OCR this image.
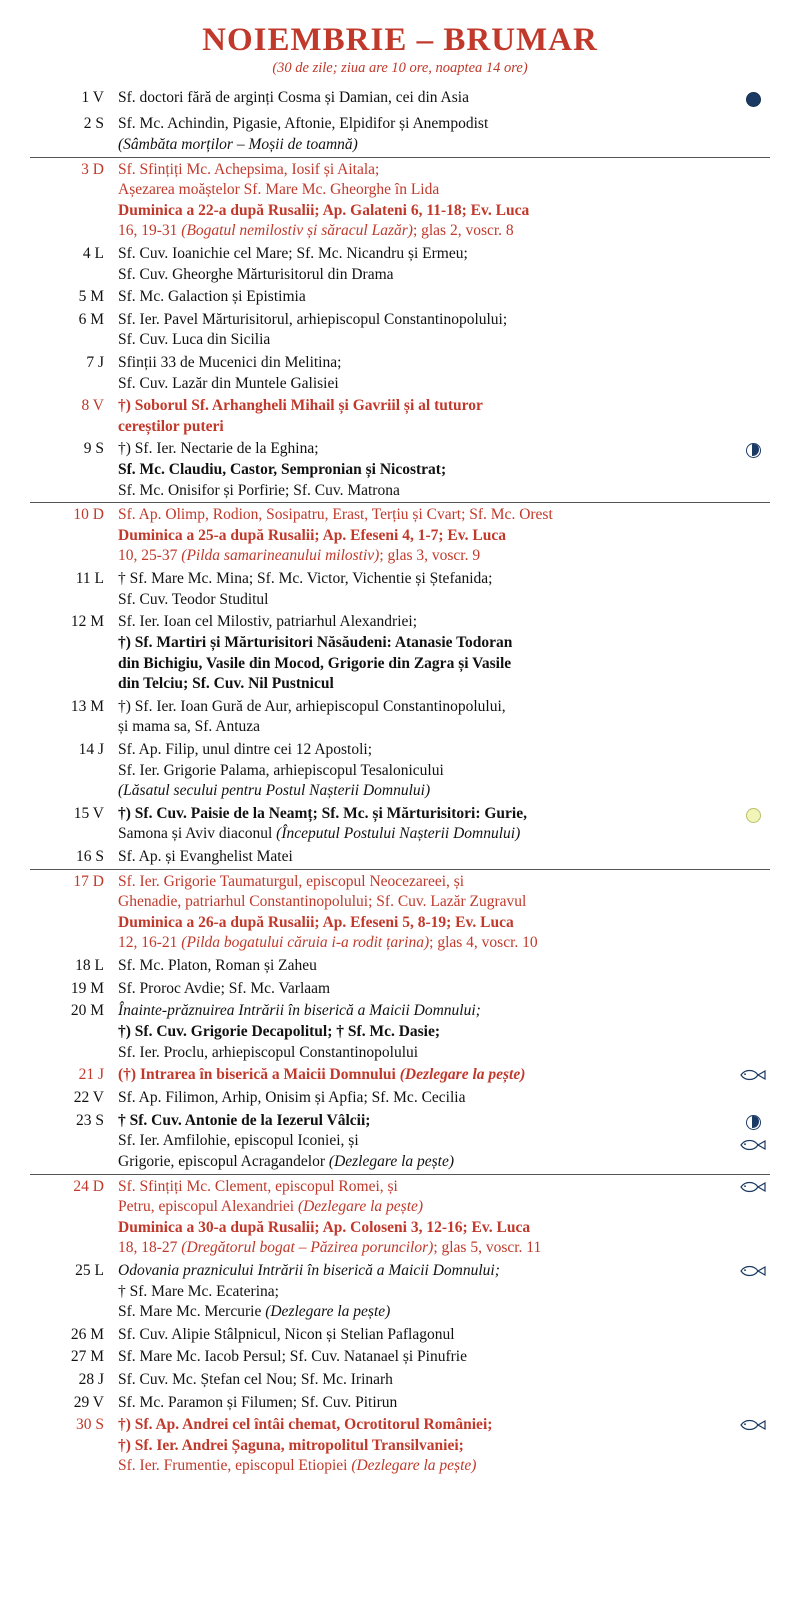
NOIEMBRIE – BRUMAR
(30 de zile; ziua are 10 ore, noaptea 14 ore)
1 V	Sf. doctori fără de arginți Cosma și Damian, cei din Asia	

2 S	Sf. Mc. Achindin, Pigasie, Aftonie, Elpidifor și Anempodist
(Sâmbăta morților – Moșii de toamnă)	

3 D	Sf. Sfințiți Mc. Achepsima, Iosif și Aitala;
Așezarea moăștelor Sf. Mare Mc. Gheorghe în Lida
Duminica a 22-a după Rusalii; Ap. Galateni 6, 11-18; Ev. Luca
16, 19-31 (Bogatul nemilostiv și săracul Lazăr); glas 2, voscr. 8	

4 L	Sf. Cuv. Ioanichie cel Mare; Sf. Mc. Nicandru și Ermeu;
Sf. Cuv. Gheorghe Mărturisitorul din Drama	

5 M	Sf. Mc. Galaction și Epistimia	

6 M	Sf. Ier. Pavel Mărturisitorul, arhiepiscopul Constantinopolului;
Sf. Cuv. Luca din Sicilia	

7 J	Sfinții 33 de Mucenici din Melitina;
Sf. Cuv. Lazăr din Muntele Galisiei	

8 V	†) Soborul Sf. Arhangheli Mihail și Gavriil și al tuturor
cereștilor puteri	

9 S	†) Sf. Ier. Nectarie de la Eghina;
Sf. Mc. Claudiu, Castor, Sempronian și Nicostrat;
Sf. Mc. Onisifor și Porfirie; Sf. Cuv. Matrona	

10 D	Sf. Ap. Olimp, Rodion, Sosipatru, Erast, Terțiu și Cvart; Sf. Mc. Orest
Duminica a 25-a după Rusalii; Ap. Efeseni 4, 1-7; Ev. Luca
10, 25-37 (Pilda samarineanului milostiv); glas 3, voscr. 9	

11 L	† Sf. Mare Mc. Mina; Sf. Mc. Victor, Vichentie și Ștefanida;
Sf. Cuv. Teodor Studitul	

12 M	Sf. Ier. Ioan cel Milostiv, patriarhul Alexandriei;
†) Sf. Martiri și Mărturisitori Năsăudeni: Atanasie Todoran
din Bichigiu, Vasile din Mocod, Grigorie din Zagra și Vasile
din Telciu; Sf. Cuv. Nil Pustnicul	

13 M	†) Sf. Ier. Ioan Gură de Aur, arhiepiscopul Constantinopolului,
și mama sa, Sf. Antuza	

14 J	Sf. Ap. Filip, unul dintre cei 12 Apostoli;
Sf. Ier. Grigorie Palama, arhiepiscopul Tesalonicului
(Lăsatul secului pentru Postul Nașterii Domnului)	

15 V	†) Sf. Cuv. Paisie de la Neamț; Sf. Mc. și Mărturisitori: Gurie,
Samona și Aviv diaconul (Începutul Postului Nașterii Domnului)	

16 S	Sf. Ap. și Evanghelist Matei	

17 D	Sf. Ier. Grigorie Taumaturgul, episcopul Neocezareei, și
Ghenadie, patriarhul Constantinopolului; Sf. Cuv. Lazăr Zugravul
Duminica a 26-a după Rusalii; Ap. Efeseni 5, 8-19; Ev. Luca
12, 16-21 (Pilda bogatului căruia i-a rodit țarina); glas 4, voscr. 10	

18 L	Sf. Mc. Platon, Roman și Zaheu	

19 M	Sf. Proroc Avdie; Sf. Mc. Varlaam	

20 M	Înainte-prăznuirea Intrării în biserică a Maicii Domnului;
†) Sf. Cuv. Grigorie Decapolitul; † Sf. Mc. Dasie;
Sf. Ier. Proclu, arhiepiscopul Constantinopolului	

21 J	(†) Intrarea în biserică a Maicii Domnului (Dezlegare la pește)

22 V	Sf. Ap. Filimon, Arhip, Onisim și Apfia; Sf. Mc. Cecilia	

23 S	† Sf. Cuv. Antonie de la Iezerul Vâlcii;
Sf. Ier. Amfilohie, episcopul Iconiei, și
Grigorie, episcopul Acragandelor (Dezlegare la pește)

24 D	Sf. Sfințiți Mc. Clement, episcopul Romei, și
Petru, episcopul Alexandriei (Dezlegare la pește)
Duminica a 30-a după Rusalii; Ap. Coloseni 3, 12-16; Ev. Luca
18, 18-27 (Dregătorul bogat – Păzirea poruncilor); glas 5, voscr. 11

25 L	Odovania praznicului Intrării în biserică a Maicii Domnului;
† Sf. Mare Mc. Ecaterina;
Sf. Mare Mc. Mercurie (Dezlegare la pește)

26 M	Sf. Cuv. Alipie Stâlpnicul, Nicon și Stelian Paflagonul	

27 M	Sf. Mare Mc. Iacob Persul; Sf. Cuv. Natanael și Pinufrie	

28 J	Sf. Cuv. Mc. Ștefan cel Nou; Sf. Mc. Irinarh	

29 V	Sf. Mc. Paramon și Filumen; Sf. Cuv. Pitirun	

30 S	†) Sf. Ap. Andrei cel întâi chemat, Ocrotitorul României;
†) Sf. Ier. Andrei Șaguna, mitropolitul Transilvaniei;
Sf. Ier. Frumentie, episcopul Etiopiei (Dezlegare la pește)
